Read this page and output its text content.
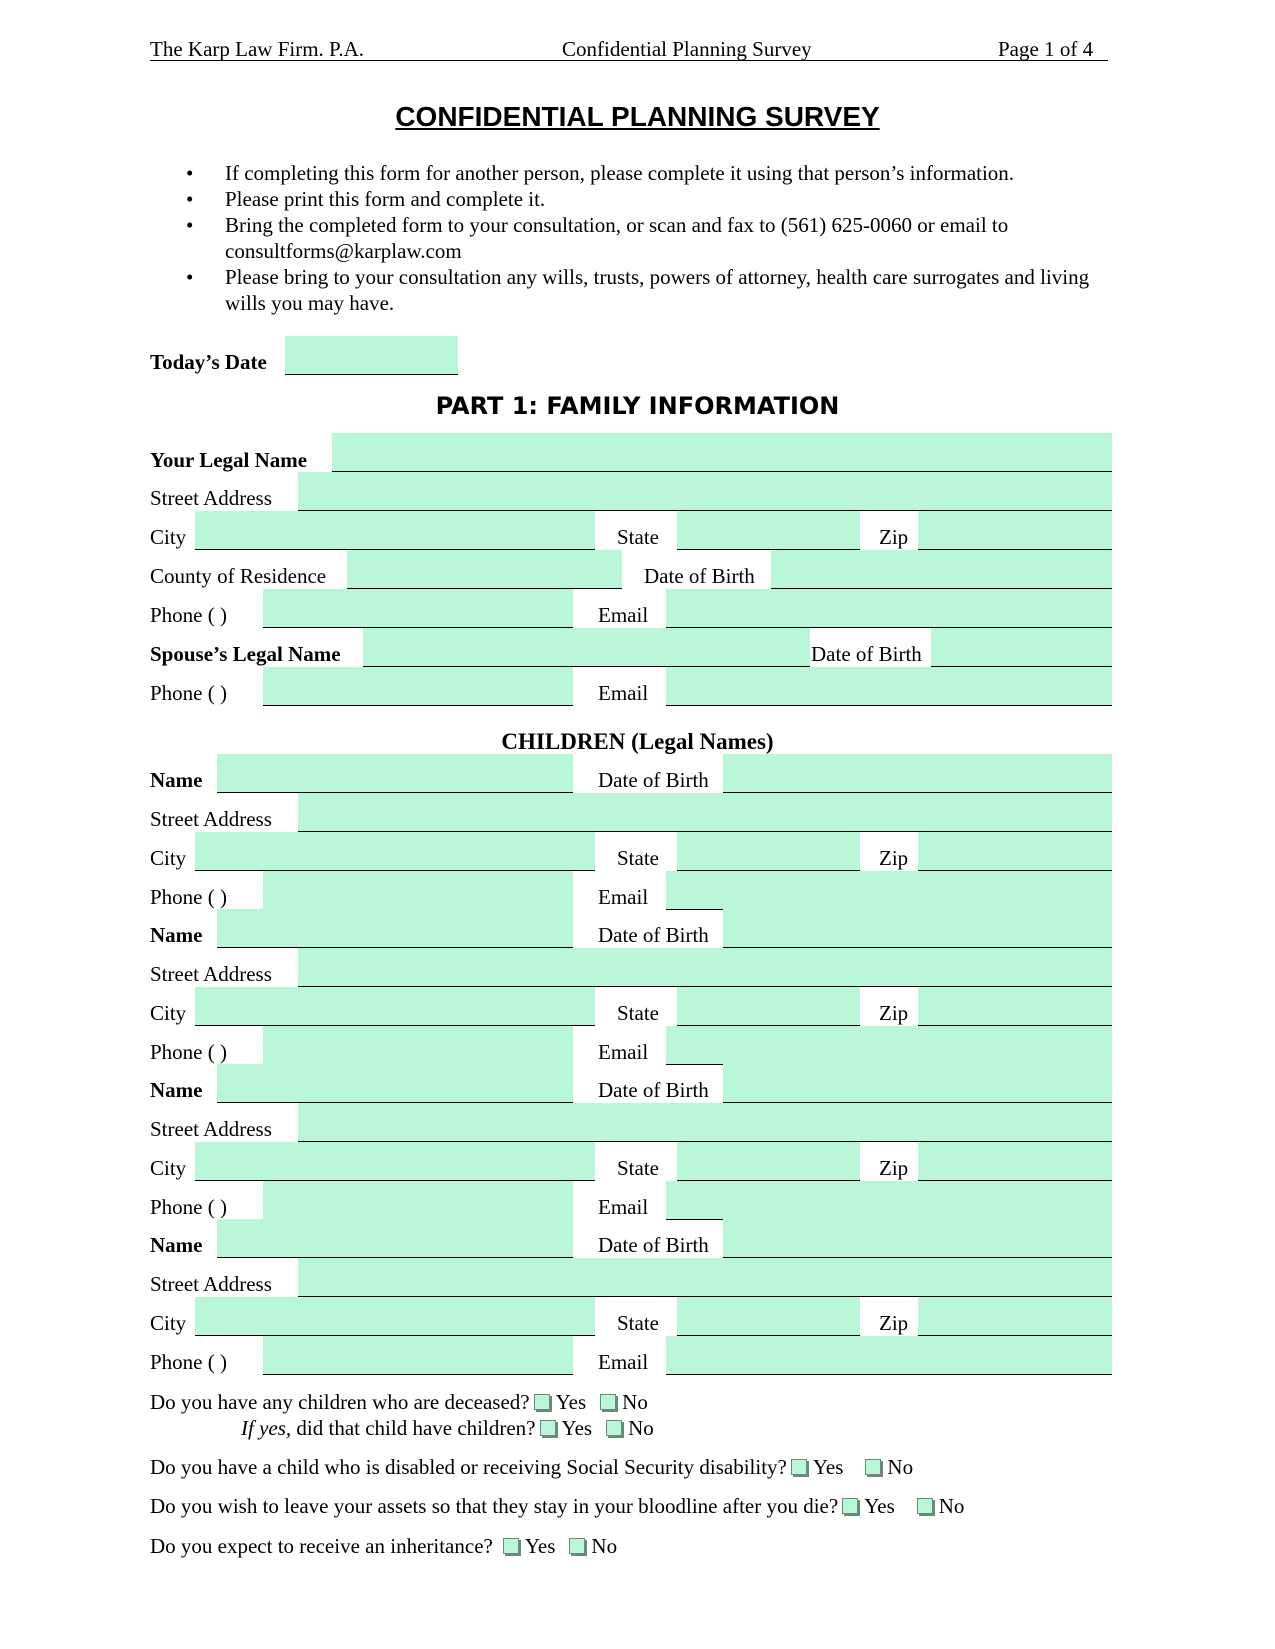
The Karp Law Firm. P.A.	Confidential Planning Survey	Page 1 of 4
CONFIDENTIAL PLANNING SURVEY
• If completing this form for another person, please complete it using that person’s information.
• Please print this form and complete it.
• Bring the completed form to your consultation, or scan and fax to (561) 625-0060 or email to consultforms@karplaw.com
• Please bring to your consultation any wills, trusts, powers of attorney, health care surrogates and living wills you may have.
Today’s Date
PART 1: FAMILY INFORMATION
Your Legal Name
Street Address
City	State	Zip
County of Residence	Date of Birth
Phone ( )	Email
Spouse’s Legal Name	Date of Birth
Phone ( )	Email
CHILDREN (Legal Names)
Name	Date of Birth
Street Address
City	State	Zip
Phone ( )	Email
Name	Date of Birth
Street Address
City	State	Zip
Phone ( )	Email
Name	Date of Birth
Street Address
City	State	Zip
Phone ( )	Email
Name	Date of Birth
Street Address
City	State	Zip
Phone ( )	Email
Do you have any children who are deceased? Yes No
If yes, did that child have children? Yes No
Do you have a child who is disabled or receiving Social Security disability? Yes No
Do you wish to leave your assets so that they stay in your bloodline after you die? Yes No
Do you expect to receive an inheritance? Yes No
